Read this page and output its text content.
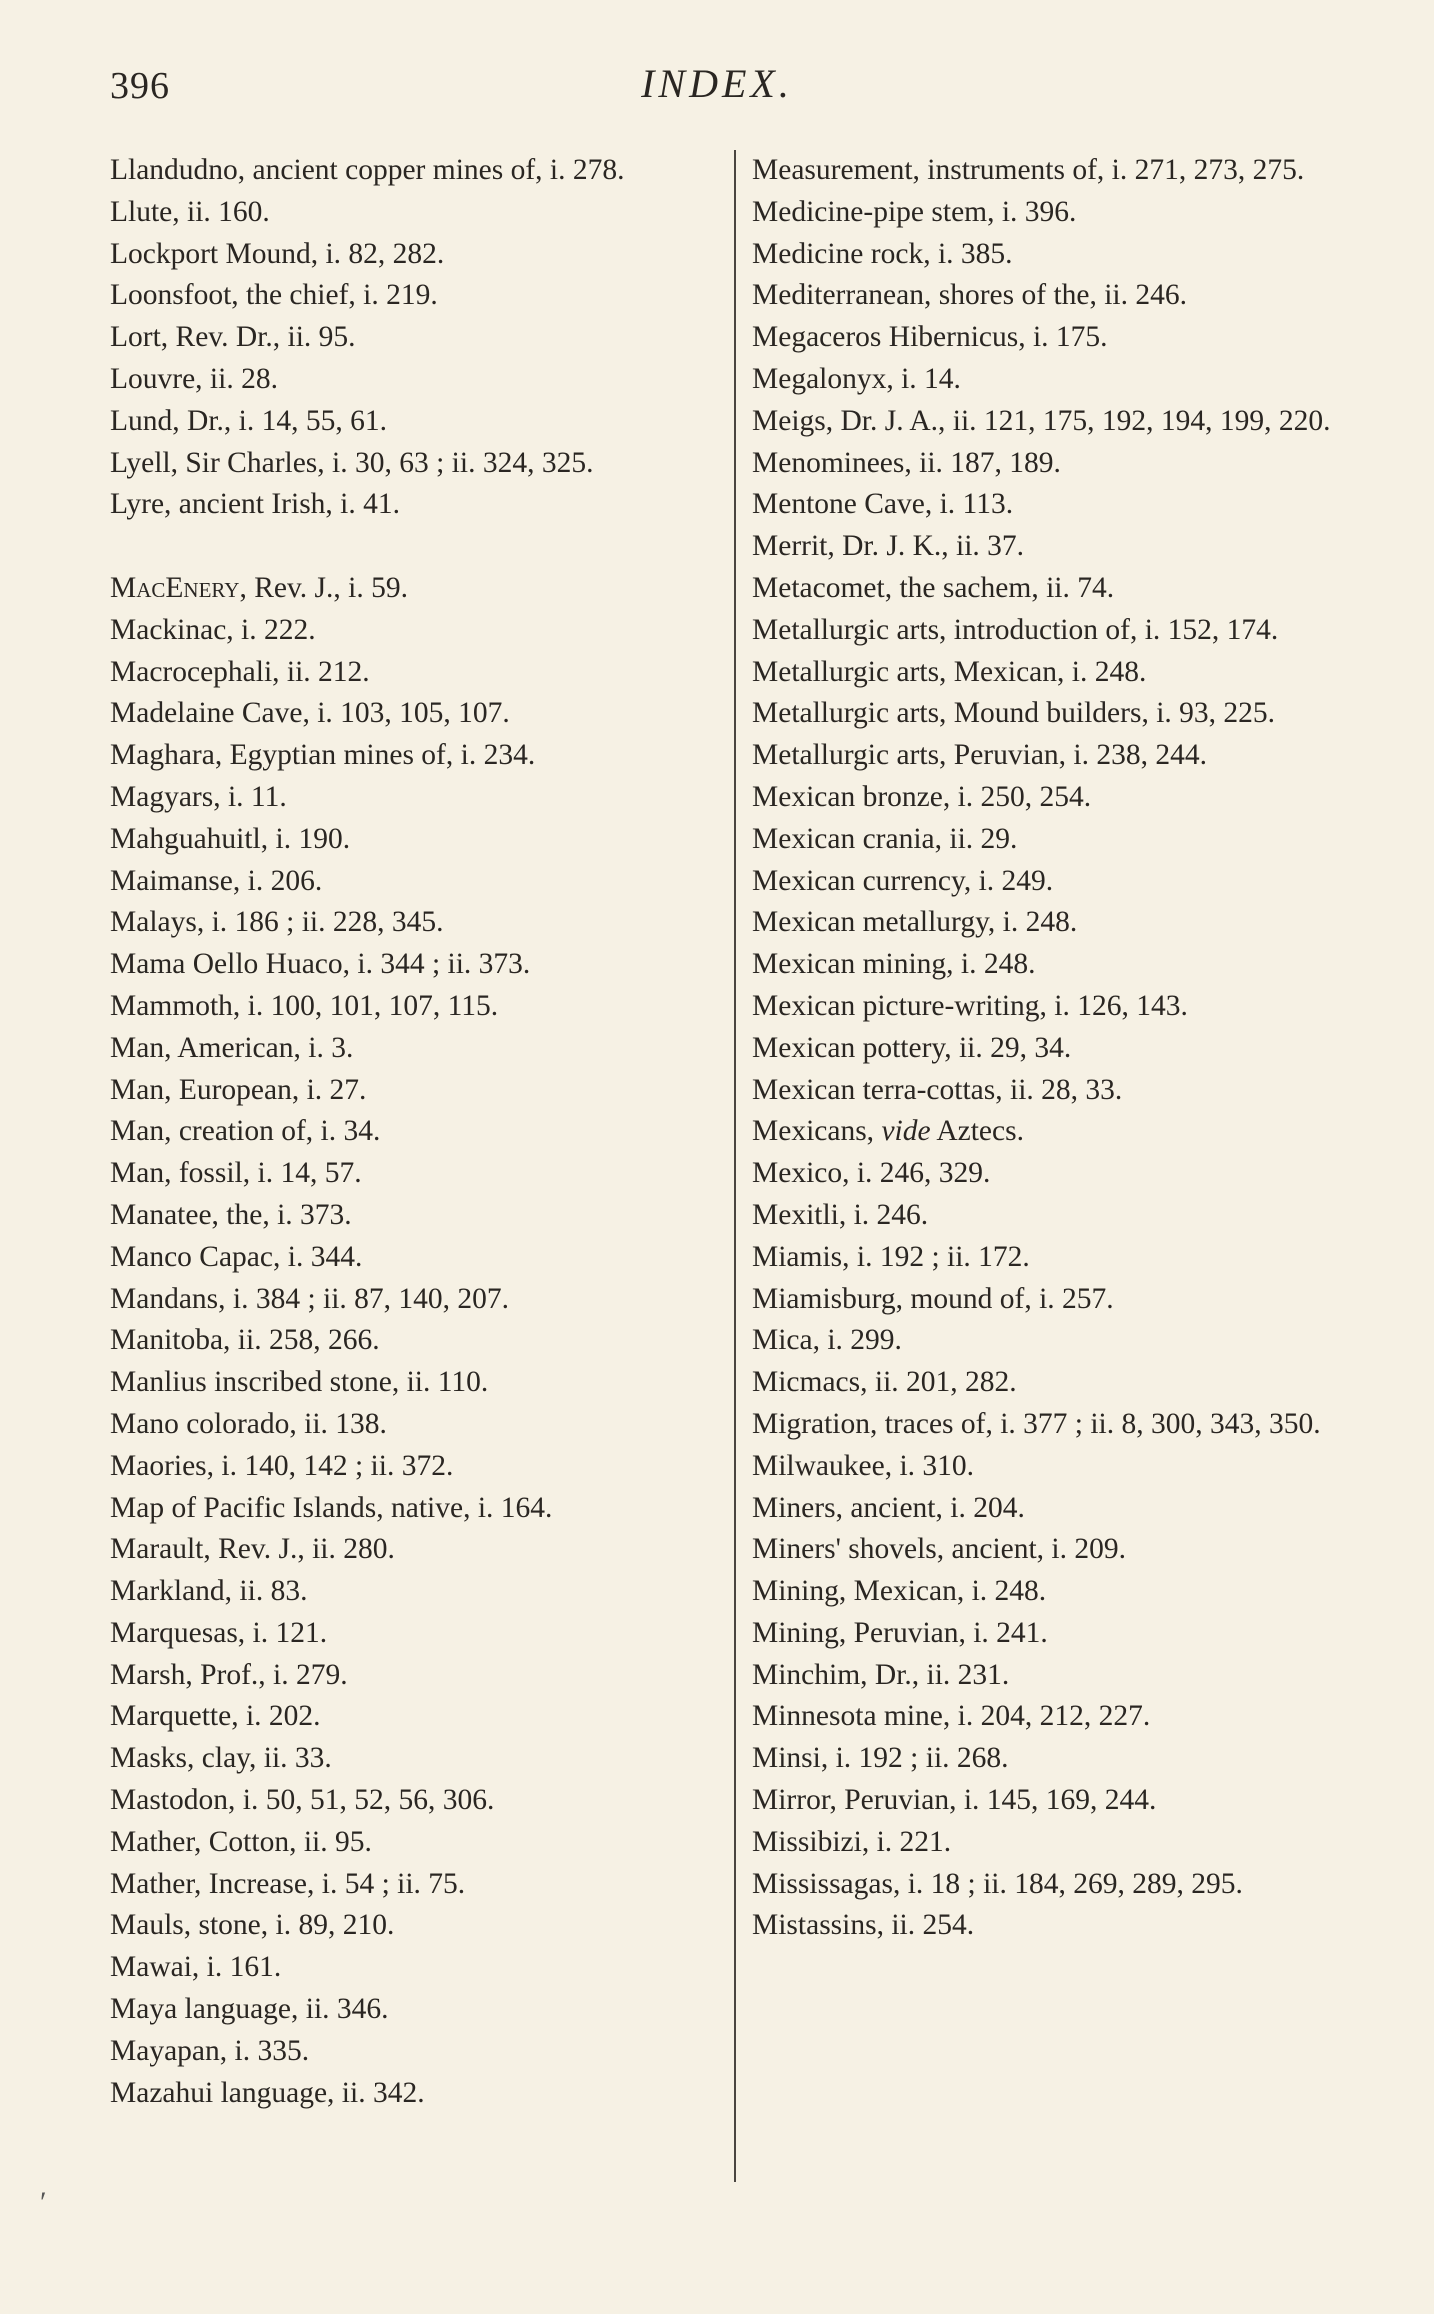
396	INDEX.
Llandudno, ancient copper mines of, i. 278.
Llute, ii. 160.
Lockport Mound, i. 82, 282.
Loonsfoot, the chief, i. 219.
Lort, Rev. Dr., ii. 95.
Louvre, ii. 28.
Lund, Dr., i. 14, 55, 61.
Lyell, Sir Charles, i. 30, 63 ; ii. 324, 325.
Lyre, ancient Irish, i. 41.
MacEnery, Rev. J., i. 59.
Mackinac, i. 222.
Macrocephali, ii. 212.
Madelaine Cave, i. 103, 105, 107.
Maghara, Egyptian mines of, i. 234.
Magyars, i. 11.
Mahguahuitl, i. 190.
Maimanse, i. 206.
Malays, i. 186 ; ii. 228, 345.
Mama Oello Huaco, i. 344 ; ii. 373.
Mammoth, i. 100, 101, 107, 115.
Man, American, i. 3.
Man, European, i. 27.
Man, creation of, i. 34.
Man, fossil, i. 14, 57.
Manatee, the, i. 373.
Manco Capac, i. 344.
Mandans, i. 384 ; ii. 87, 140, 207.
Manitoba, ii. 258, 266.
Manlius inscribed stone, ii. 110.
Mano colorado, ii. 138.
Maories, i. 140, 142 ; ii. 372.
Map of Pacific Islands, native, i. 164.
Marault, Rev. J., ii. 280.
Markland, ii. 83.
Marquesas, i. 121.
Marsh, Prof., i. 279.
Marquette, i. 202.
Masks, clay, ii. 33.
Mastodon, i. 50, 51, 52, 56, 306.
Mather, Cotton, ii. 95.
Mather, Increase, i. 54 ; ii. 75.
Mauls, stone, i. 89, 210.
Mawai, i. 161.
Maya language, ii. 346.
Mayapan, i. 335.
Mazahui language, ii. 342.
Measurement, instruments of, i. 271, 273, 275.
Medicine-pipe stem, i. 396.
Medicine rock, i. 385.
Mediterranean, shores of the, ii. 246.
Megaceros Hibernicus, i. 175.
Megalonyx, i. 14.
Meigs, Dr. J. A., ii. 121, 175, 192, 194, 199, 220.
Menominees, ii. 187, 189.
Mentone Cave, i. 113.
Merrit, Dr. J. K., ii. 37.
Metacomet, the sachem, ii. 74.
Metallurgic arts, introduction of, i. 152, 174.
Metallurgic arts, Mexican, i. 248.
Metallurgic arts, Mound builders, i. 93, 225.
Metallurgic arts, Peruvian, i. 238, 244.
Mexican bronze, i. 250, 254.
Mexican crania, ii. 29.
Mexican currency, i. 249.
Mexican metallurgy, i. 248.
Mexican mining, i. 248.
Mexican picture-writing, i. 126, 143.
Mexican pottery, ii. 29, 34.
Mexican terra-cottas, ii. 28, 33.
Mexicans, vide Aztecs.
Mexico, i. 246, 329.
Mexitli, i. 246.
Miamis, i. 192 ; ii. 172.
Miamisburg, mound of, i. 257.
Mica, i. 299.
Micmacs, ii. 201, 282.
Migration, traces of, i. 377 ; ii. 8, 300, 343, 350.
Milwaukee, i. 310.
Miners, ancient, i. 204.
Miners' shovels, ancient, i. 209.
Mining, Mexican, i. 248.
Mining, Peruvian, i. 241.
Minchim, Dr., ii. 231.
Minnesota mine, i. 204, 212, 227.
Minsi, i. 192 ; ii. 268.
Mirror, Peruvian, i. 145, 169, 244.
Missibizi, i. 221.
Mississagas, i. 18 ; ii. 184, 269, 289, 295.
Mistassins, ii. 254.
′
